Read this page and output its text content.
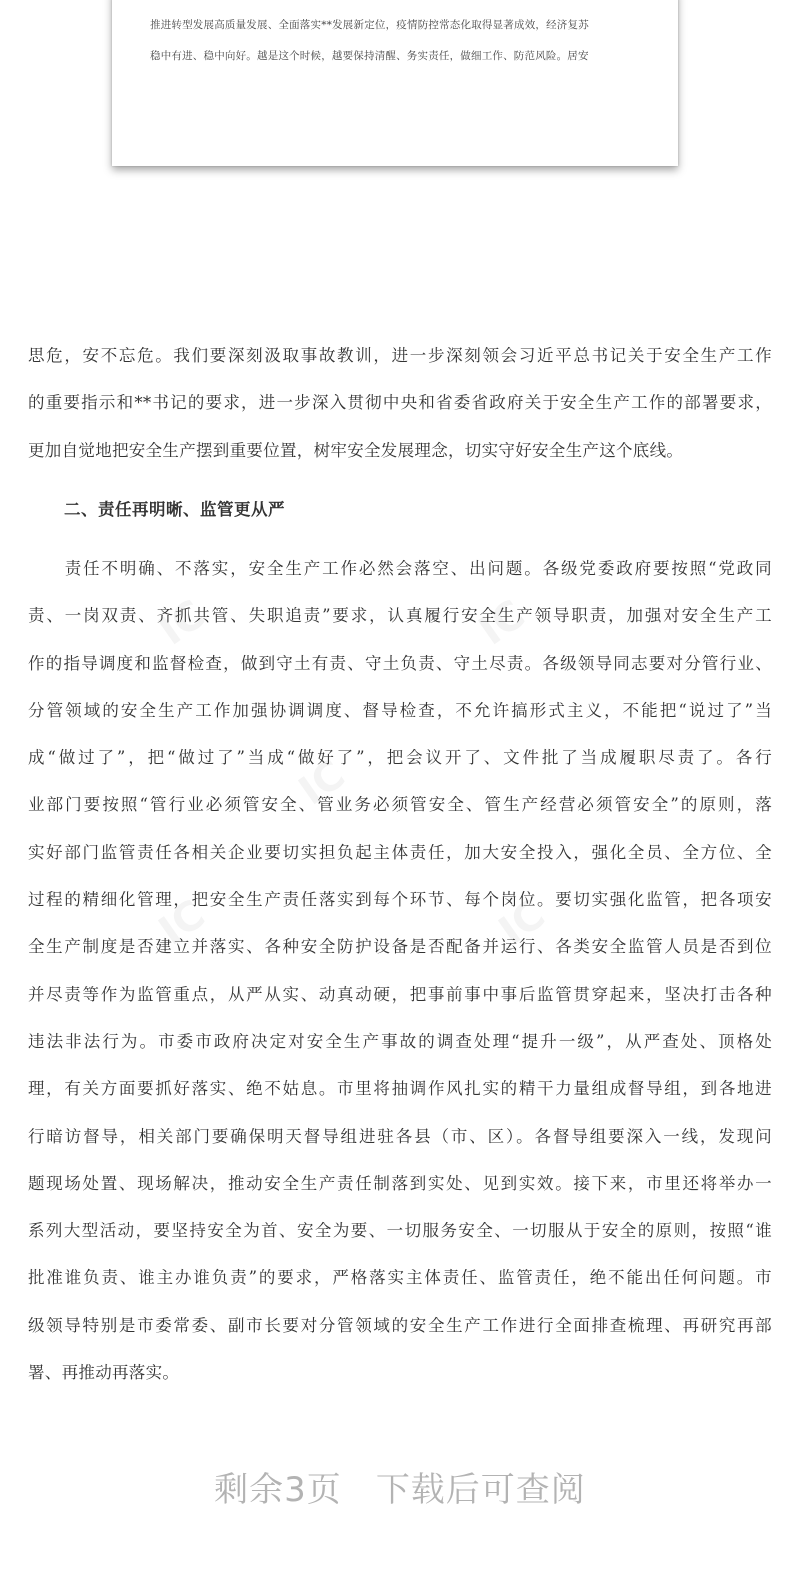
推进转型发展高质量发展、全面落实**发展新定位，疫情防控常态化取得显著成效，经济复苏
稳中有进、稳中向好。越是这个时候，越要保持清醒、务实责任，做细工作、防范风险。居安

思危，安不忘危。我们要深刻汲取事故教训，进一步深刻领会习近平总书记关于安全生产工作
的重要指示和**书记的要求，进一步深入贯彻中央和省委省政府关于安全生产工作的部署要求，
更加自觉地把安全生产摆到重要位置，树牢安全发展理念，切实守好安全生产这个底线。

二、责任再明晰、监管更从严

　　责任不明确、不落实，安全生产工作必然会落空、出问题。各级党委政府要按照“党政同
责、一岗双责、齐抓共管、失职追责”要求，认真履行安全生产领导职责，加强对安全生产工
作的指导调度和监督检查，做到守土有责、守土负责、守土尽责。各级领导同志要对分管行业、
分管领域的安全生产工作加强协调调度、督导检查，不允许搞形式主义，不能把“说过了”当
成“做过了”，把“做过了”当成“做好了”，把会议开了、文件批了当成履职尽责了。各行
业部门要按照“管行业必须管安全、管业务必须管安全、管生产经营必须管安全”的原则，落
实好部门监管责任各相关企业要切实担负起主体责任，加大安全投入，强化全员、全方位、全
过程的精细化管理，把安全生产责任落实到每个环节、每个岗位。要切实强化监管，把各项安
全生产制度是否建立并落实、各种安全防护设备是否配备并运行、各类安全监管人员是否到位
并尽责等作为监管重点，从严从实、动真动硬，把事前事中事后监管贯穿起来，坚决打击各种
违法非法行为。市委市政府决定对安全生产事故的调查处理“提升一级”，从严查处、顶格处
理，有关方面要抓好落实、绝不姑息。市里将抽调作风扎实的精干力量组成督导组，到各地进
行暗访督导，相关部门要确保明天督导组进驻各县（市、区）。各督导组要深入一线，发现问
题现场处置、现场解决，推动安全生产责任制落到实处、见到实效。接下来，市里还将举办一
系列大型活动，要坚持安全为首、安全为要、一切服务安全、一切服从于安全的原则，按照“谁
批准谁负责、谁主办谁负责”的要求，严格落实主体责任、监管责任，绝不能出任何问题。市
级领导特别是市委常委、副市长要对分管领域的安全生产工作进行全面排查梳理、再研究再部
署、再推动再落实。

剩余3页 下载后可查阅
